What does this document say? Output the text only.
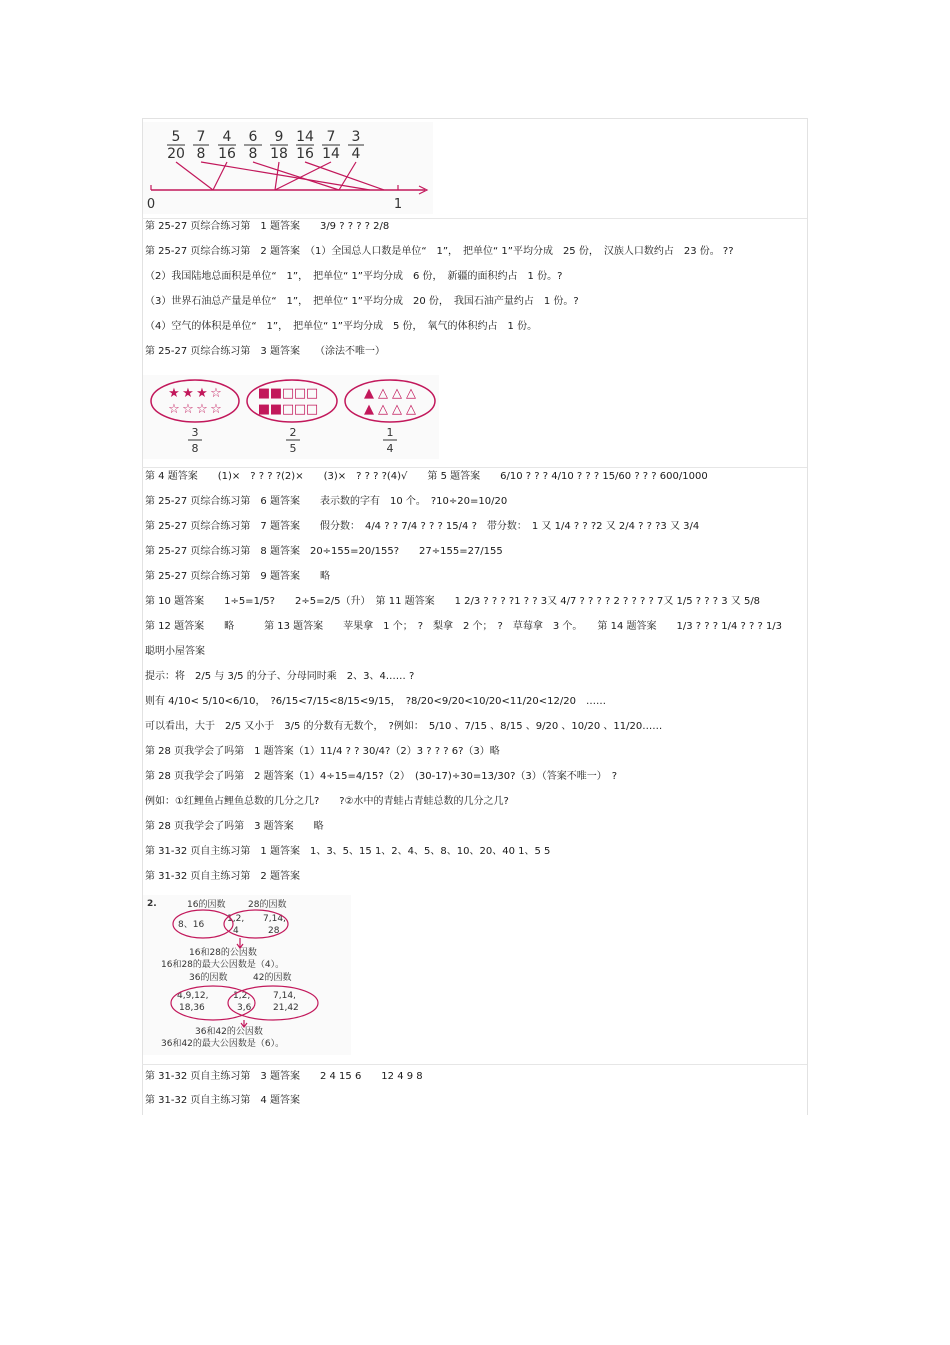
5
20
7
8
4
16
6
8
9
18
14
16
7
14
3
4
0	1
★ ★ ★ ☆
☆ ☆ ☆ ☆
■ ■ □ □ □
■ ■ □ □ □
▲ △ △ △
▲ △ △ △
3
8
2
5
1
4
2.	16的因数	28的因数
8、16
1,2,
4
7,14,
28
16和28的公因数
16和28的最大公因数是（4）。
36的因数	42的因数
4,9,12,
18,36
1,2,
3,6
7,14,
21,42
36和42的公因数
36和42的最大公因数是（6）。
第 25-27 页综合练习第　1 题答案　　3/9 ? ? ? ? 2/8
第 25-27 页综合练习第　2 题答案　（1）全国总人口数是单位“　1”，　把单位“ 1”平均分成　25 份，　汉族人口数约占　23 份。 ??
（2）我国陆地总面积是单位“　1”，　把单位“ 1”平均分成　6 份，　新疆的面积约占　1 份。?
（3）世界石油总产量是单位“　1”，　把单位“ 1”平均分成　20 份，　我国石油产量约占　1 份。?
（4）空气的体积是单位“　1”，　把单位“ 1”平均分成　5 份，　氧气的体积约占　1 份。
第 25-27 页综合练习第　3 题答案　　（涂法不唯一）
第 4 题答案　　(1)×　? ? ? ?(2)×　　(3)×　? ? ? ?(4)√　　第 5 题答案　　6/10 ? ? ? 4/10 ? ? ? 15/60 ? ? ? 600/1000
第 25-27 页综合练习第　6 题答案　　表示数的字有　10 个。　?10÷20=10/20
第 25-27 页综合练习第　7 题答案　　假分数：　4/4 ? ? 7/4 ? ? ? 15/4 ?　带分数：　1 又 1/4 ? ? ?2 又 2/4 ? ? ?3 又 3/4
第 25-27 页综合练习第　8 题答案　20÷155=20/155?　　27÷155=27/155
第 25-27 页综合练习第　9 题答案　　略
第 10 题答案　　1÷5=1/5?　　2÷5=2/5（升）　第 11 题答案　　1 2/3 ? ? ? ?1 ? ? 3又 4/7 ? ? ? ? 2 ? ? ? ? 7又 1/5 ? ? ? 3 又 5/8
第 12 题答案　　略　　　第 13 题答案　　苹果拿　1 个；　?　梨拿　2 个；　?　草莓拿　3 个。　　第 14 题答案　　1/3 ? ? ? 1/4 ? ? ? 1/3
聪明小屋答案
提示：将　2/5 与 3/5 的分子、分母同时乘　2、3、4…… ?
则有 4/10< 5/10<6/10，　?6/15<7/15<8/15<9/15，　?8/20<9/20<10/20<11/20<12/20　……
可以看出，大于　2/5 又小于　3/5 的分数有无数个，　?例如：　5/10 、7/15 、8/15 、9/20 、10/20 、11/20……
第 28 页我学会了吗第　1 题答案（1）11/4 ? ? 30/4?（2）3 ? ? ? 6?（3）略
第 28 页我学会了吗第　2 题答案（1）4÷15=4/15?（2）　(30-17)÷30=13/30?（3）（答案不唯一）　?
例如：①红鲤鱼占鲤鱼总数的几分之几?　　?②水中的青蛙占青蛙总数的几分之几?
第 28 页我学会了吗第　3 题答案　　略
第 31-32 页自主练习第　1 题答案　1、3、5、15 1、2、4、5、8、10、20、40 1、5 5
第 31-32 页自主练习第　2 题答案
第 31-32 页自主练习第　3 题答案　　2 4 15 6　　12 4 9 8
第 31-32 页自主练习第　4 题答案
